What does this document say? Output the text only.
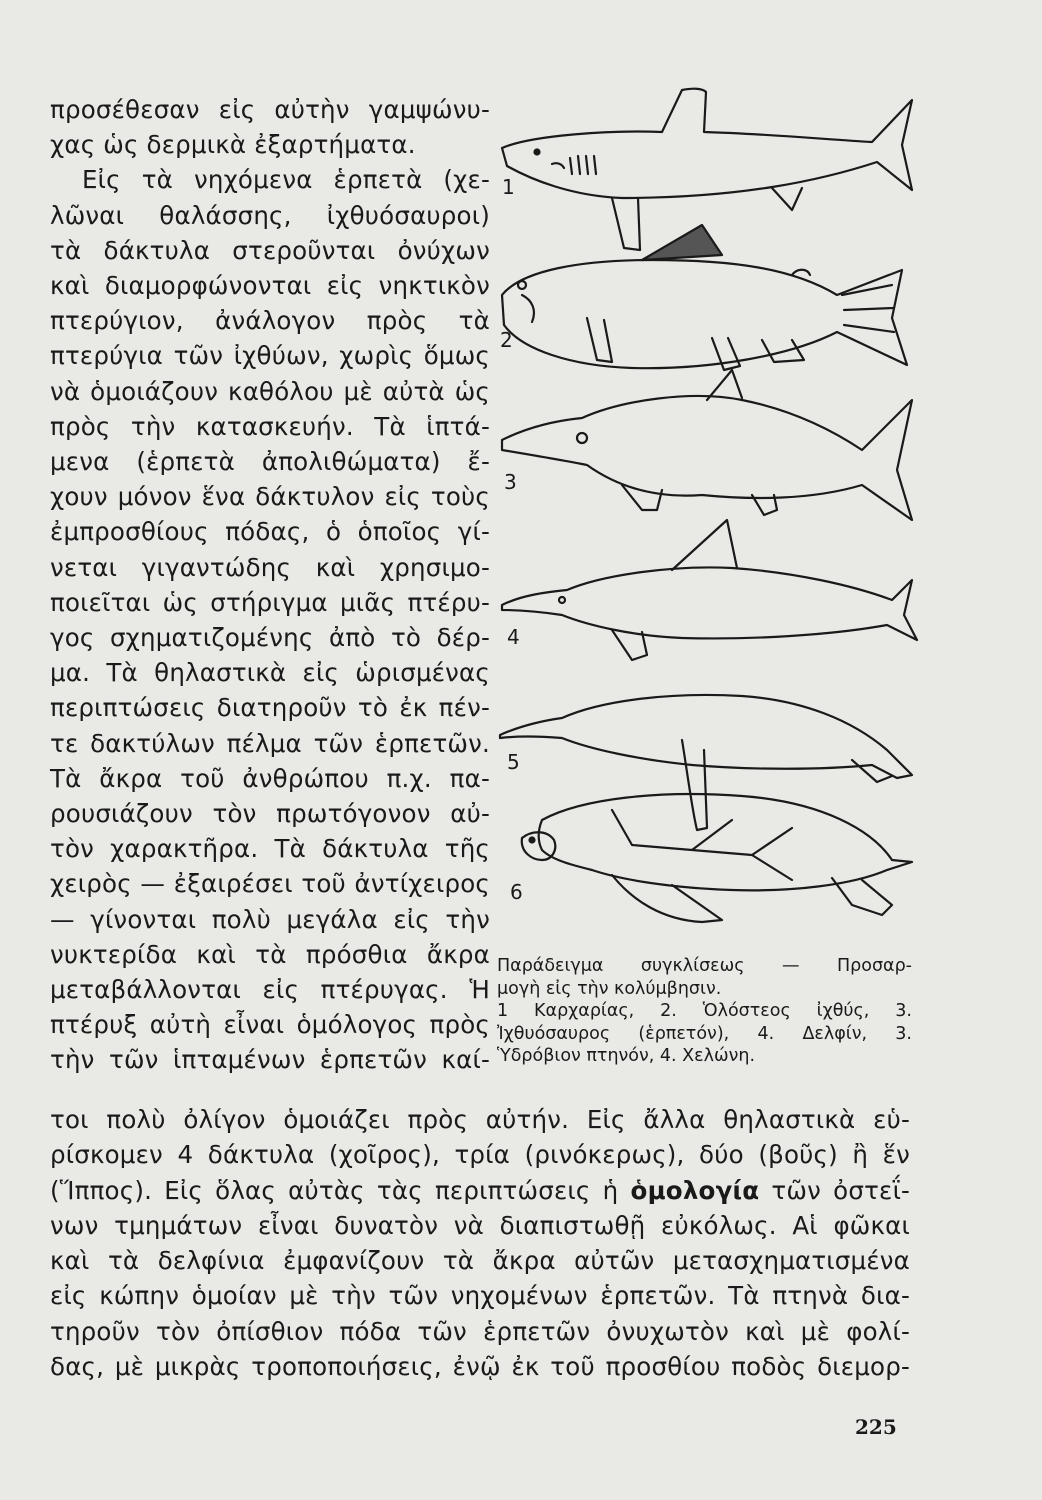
προσέθεσαν εἰς αὐτὴν γαμψώνυ-

χας ὡς δερμικὰ ἐξαρτήματα.

Εἰς τὰ νηχόμενα ἑρπετὰ (χε-

λῶναι θαλάσσης, ἰχθυόσαυροι)

τὰ δάκτυλα στεροῦνται ὀνύχων

καὶ διαμορφώνονται εἰς νηκτικὸν

πτερύγιον, ἀνάλογον πρὸς τὰ

πτερύγια τῶν ἰχθύων, χωρὶς ὅμως

νὰ ὁμοιάζουν καθόλου μὲ αὐτὰ ὡς

πρὸς τὴν κατασκευήν. Τὰ ἱπτά-

μενα (ἑρπετὰ ἀπολιθώματα) ἔ-

χουν μόνον ἕνα δάκτυλον εἰς τοὺς

ἐμπροσθίους πόδας, ὁ ὁποῖος γί-

νεται γιγαντώδης καὶ χρησιμο-

ποιεῖται ὡς στήριγμα μιᾶς πτέρυ-

γος σχηματιζομένης ἀπὸ τὸ δέρ-

μα. Τὰ θηλαστικὰ εἰς ὡρισμένας

περιπτώσεις διατηροῦν τὸ ἐκ πέν-

τε δακτύλων πέλμα τῶν ἑρπετῶν.

Τὰ ἄκρα τοῦ ἀνθρώπου π.χ. πα-

ρουσιάζουν τὸν πρωτόγονον αὐ-

τὸν χαρακτῆρα. Τὰ δάκτυλα τῆς

χειρὸς — ἐξαιρέσει τοῦ ἀντίχειρος

— γίνονται πολὺ μεγάλα εἰς τὴν

νυκτερίδα καὶ τὰ πρόσθια ἄκρα

μεταβάλλονται εἰς πτέρυγας. Ἡ

πτέρυξ αὐτὴ εἶναι ὁμόλογος πρὸς

τὴν τῶν ἱπταμένων ἑρπετῶν καί-

1
2
3
4
5
6
Παράδειγμα συγκλίσεως — Προσαρ-
μογὴ εἰς τὴν κολύμβησιν.
1 Καρχαρίας, 2. Ὁλόστεος ἰχθύς, 3.
Ἰχθυόσαυρος (ἑρπετόν), 4. Δελφίν, 3.
Ὑδρόβιον πτηνόν, 4. Χελώνη.
τοι πολὺ ὀλίγον ὁμοιάζει πρὸς αὐτήν. Εἰς ἄλλα θηλαστικὰ εὑ-
ρίσκομεν 4 δάκτυλα (χοῖρος), τρία (ρινόκερως), δύο (βοῦς) ἢ ἕν
(Ἵππος). Εἰς ὅλας αὐτὰς τὰς περιπτώσεις ἡ ὁμολογία τῶν ὀστεΐ-
νων τμημάτων εἶναι δυνατὸν νὰ διαπιστωθῇ εὐκόλως. Αἱ φῶκαι
καὶ τὰ δελφίνια ἐμφανίζουν τὰ ἄκρα αὐτῶν μετασχηματισμένα
εἰς κώπην ὁμοίαν μὲ τὴν τῶν νηχομένων ἑρπετῶν. Τὰ πτηνὰ δια-
τηροῦν τὸν ὀπίσθιον πόδα τῶν ἑρπετῶν ὀνυχωτὸν καὶ μὲ φολί-
δας, μὲ μικρὰς τροποποιήσεις, ἐνῷ ἐκ τοῦ προσθίου ποδὸς διεμορ-
225
